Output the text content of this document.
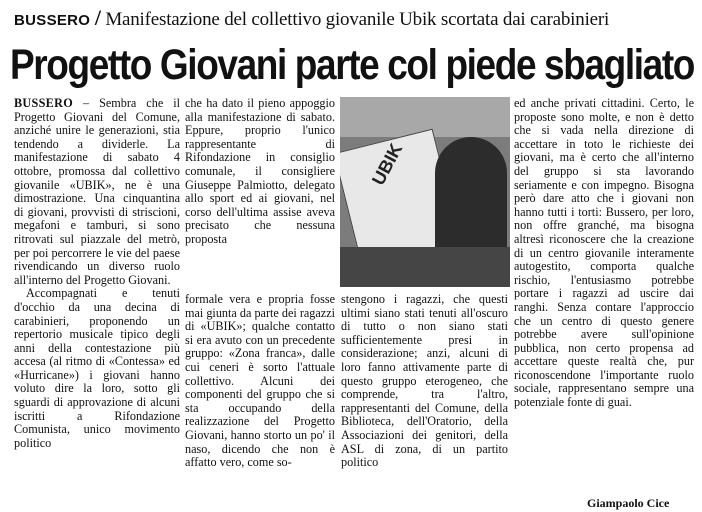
BUSSERO / Manifestazione del collettivo giovanile Ubik scortata dai carabinieri
Progetto Giovani parte col piede sbagliato

BUSSERO – Sembra che il Progetto Giovani del Comune, anziché unire le generazioni, stia tendendo a dividerle. La manifestazione di sabato 4 ottobre, promossa dal collettivo giovanile «UBIK», ne è una dimostrazione. Una cinquantina di giovani, provvisti di striscioni, megafoni e tamburi, si sono ritrovati sul piazzale del metrò, per poi percorrere le vie del paese rivendicando un diverso ruolo all'interno del Progetto Giovani.

Accompagnati e tenuti d'occhio da una decina di carabinieri, proponendo un repertorio musicale tipico degli anni della contestazione più accesa (al ritmo di «Contessa» ed «Hurricane») i giovani hanno voluto dire la loro, sotto gli sguardi di approvazione di alcuni iscritti a Rifondazione Comunista, unico movimento politico

che ha dato il pieno appoggio alla manifestazione di sabato. Eppure, proprio l'unico rappresentante di Rifondazione in consiglio comunale, il consigliere Giuseppe Palmiotto, delegato allo sport ed ai giovani, nel corso dell'ultima assise aveva precisato che nessuna proposta

UBIK

formale vera e propria fosse mai giunta da parte dei ragazzi di «UBIK»; qualche contatto si era avuto con un precedente gruppo: «Zona franca», dalle cui ceneri è sorto l'attuale collettivo. Alcuni dei componenti del gruppo che si sta occupando della realizzazione del Progetto Giovani, hanno storto un po' il naso, dicendo che non è affatto vero, come so-

stengono i ragazzi, che questi ultimi siano stati tenuti all'oscuro di tutto o non siano stati sufficientemente presi in considerazione; anzi, alcuni di loro fanno attivamente parte di questo gruppo eterogeneo, che comprende, tra l'altro, rappresentanti del Comune, della Biblioteca, dell'Oratorio, della Associazioni dei genitori, della ASL di zona, di un partito politico

ed anche privati cittadini. Certo, le proposte sono molte, e non è detto che si vada nella direzione di accettare in toto le richieste dei giovani, ma è certo che all'interno del gruppo si sta lavorando seriamente e con impegno. Bisogna però dare atto che i giovani non hanno tutti i torti: Bussero, per loro, non offre granché, ma bisogna altresì riconoscere che la creazione di un centro giovanile interamente autogestito, comporta qualche rischio, l'entusiasmo potrebbe portare i ragazzi ad uscire dai ranghi. Senza contare l'approccio che un centro di questo genere potrebbe avere sull'opinione pubblica, non certo propensa ad accettare queste realtà che, pur riconoscendone l'importante ruolo sociale, rappresentano sempre una potenziale fonte di guai.

Giampaolo Cice
